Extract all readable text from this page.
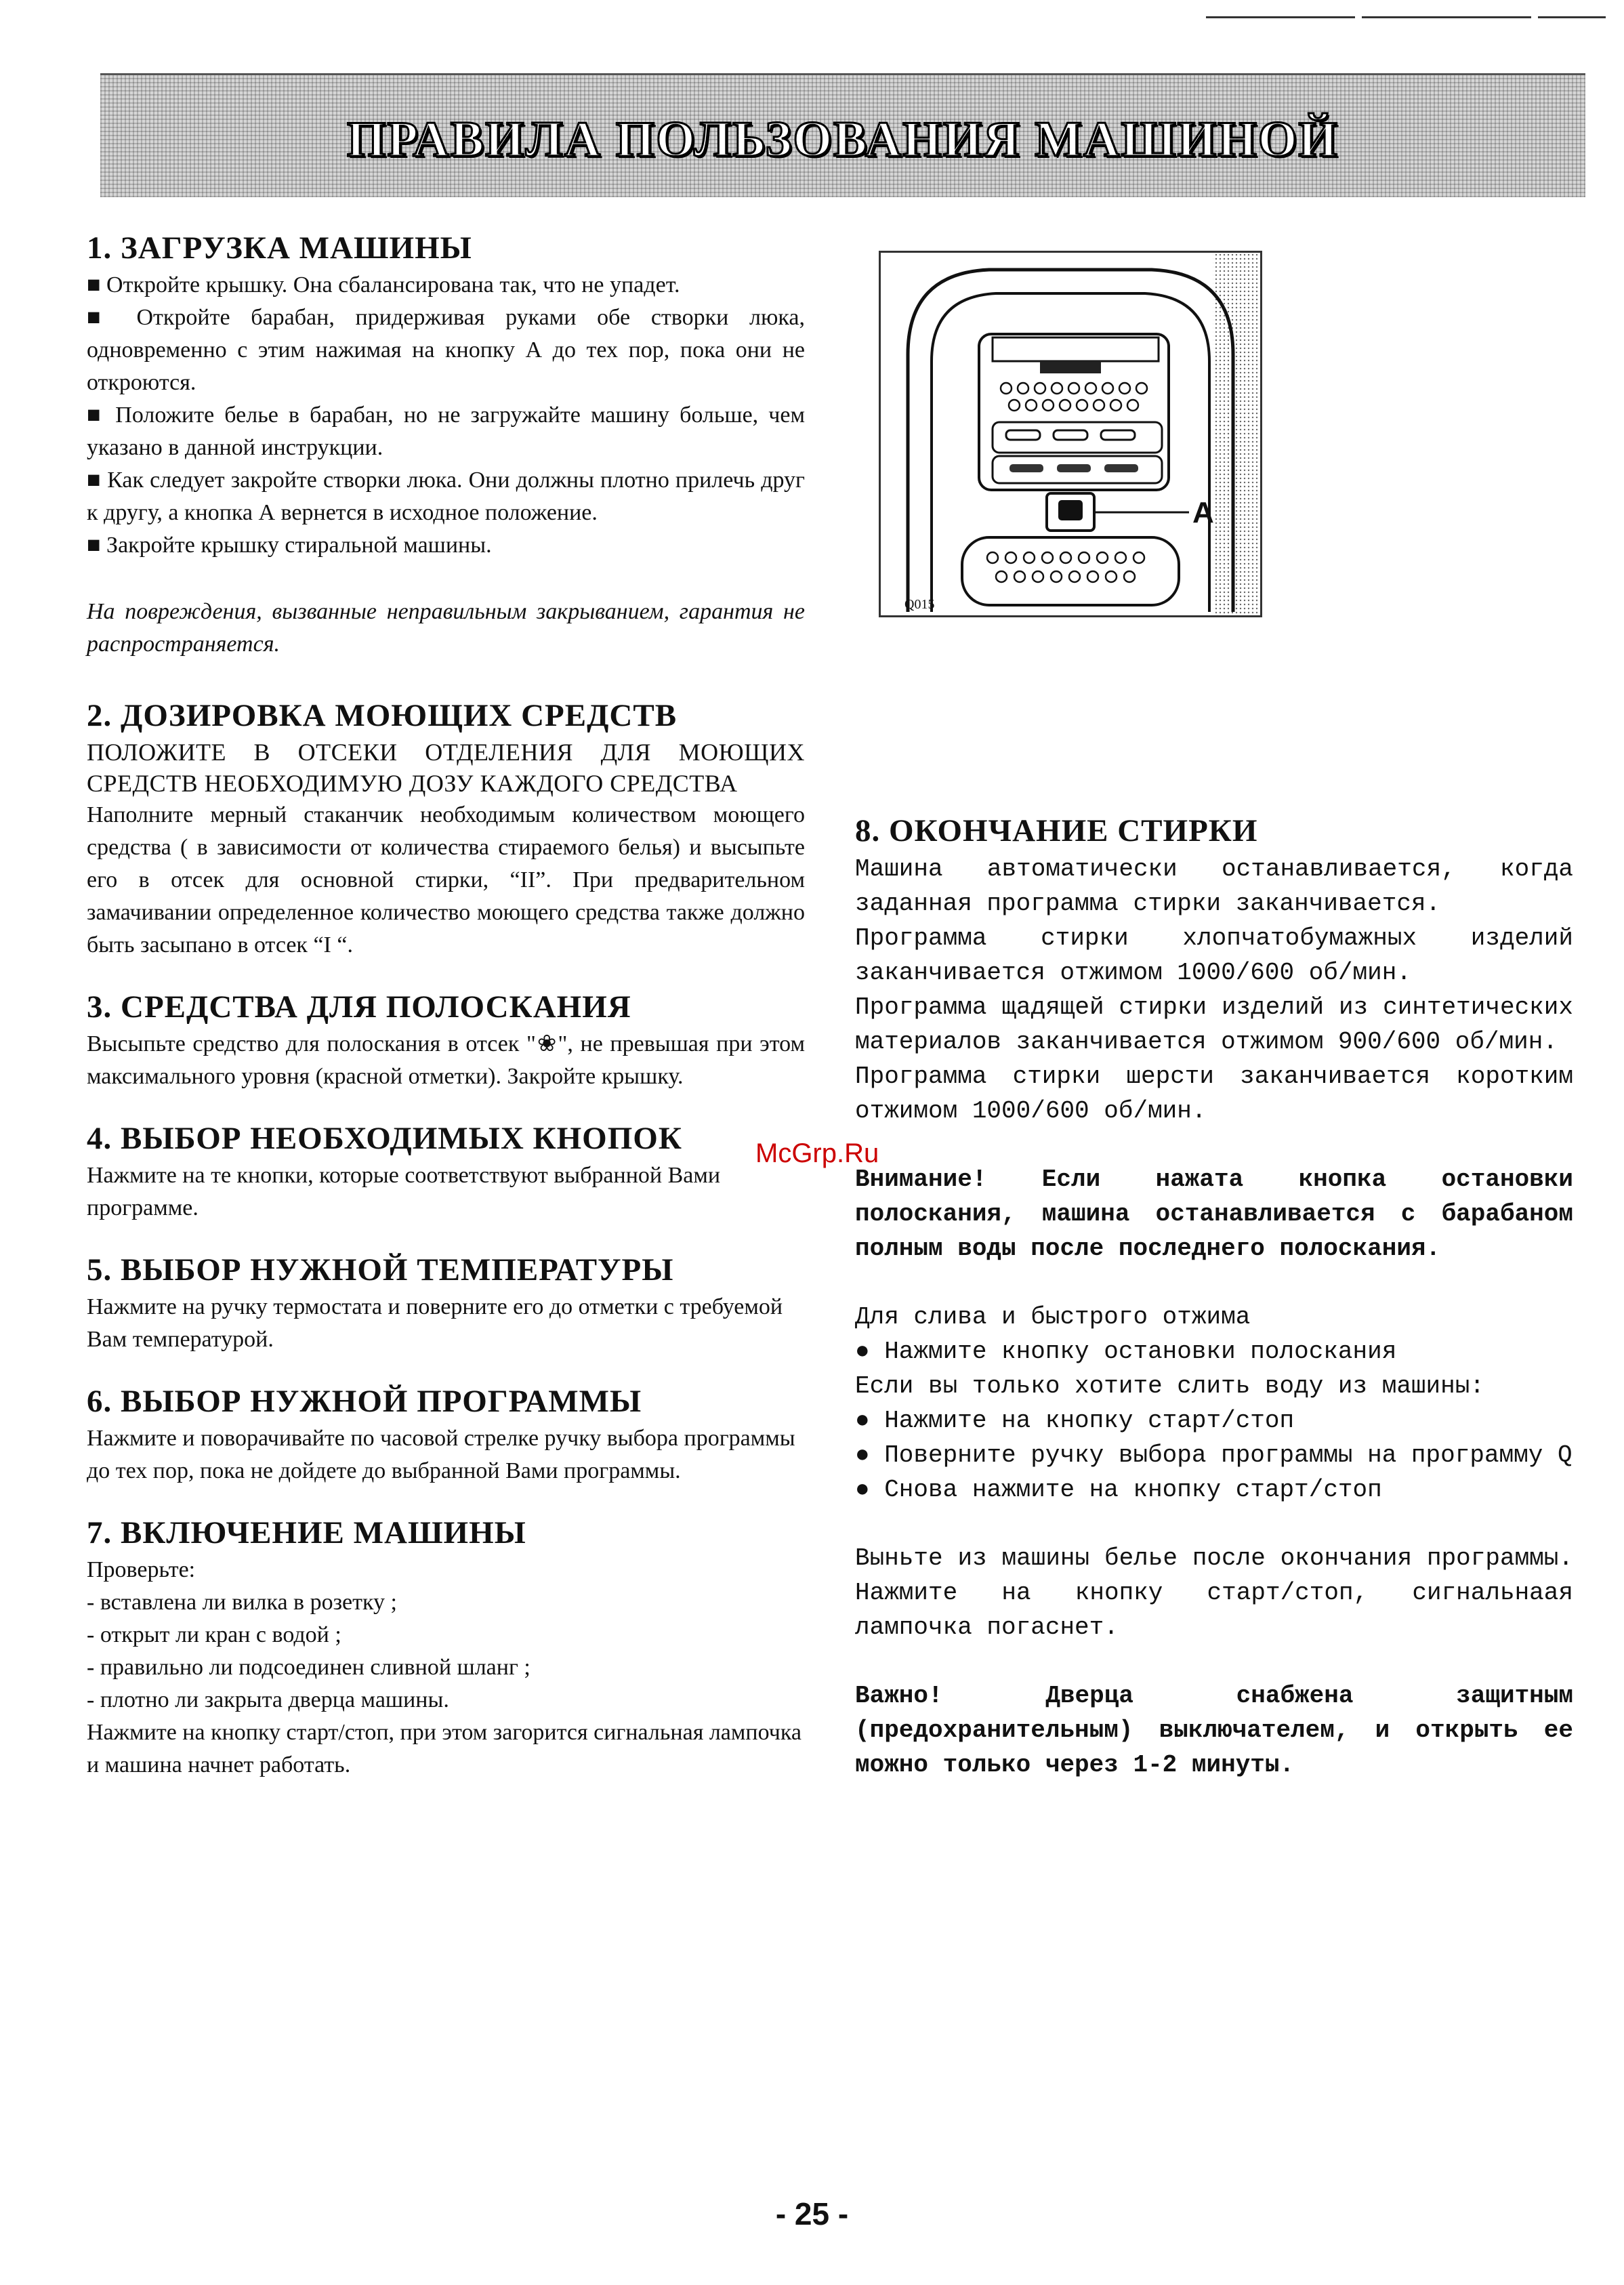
ПРАВИЛА ПОЛЬЗОВАНИЯ МАШИНОЙ
1. ЗАГРУЗКА МАШИНЫ
■ Откройте крышку. Она сбалансирована так, что не упадет.
■ Откройте барабан, придерживая руками обе створки люка, одновременно с этим нажимая на кнопку А до тех пор, пока они не откроются.
■ Положите белье в барабан, но не загружайте машину больше, чем указано в данной инструкции.
■ Как следует закройте створки люка. Они должны плотно прилечь друг к другу, а кнопка А вернется в исходное положение.
■ Закройте крышку стиральной машины.
На повреждения, вызванные неправильным закрыванием, гарантия не распространяется.
2. ДОЗИРОВКА МОЮЩИХ СРЕДСТВ
ПОЛОЖИТЕ В ОТСЕКИ ОТДЕЛЕНИЯ ДЛЯ МОЮЩИХ СРЕДСТВ НЕОБХОДИМУЮ ДОЗУ КАЖДОГО СРЕДСТВА
Наполните мерный стаканчик необходимым количеством моющего средства ( в зависимости от количества стираемого белья) и высыпьте его в отсек для основной стирки, “II”. При предварительном замачивании определенное количество моющего средства также должно быть засыпано в отсек “I “.
3. СРЕДСТВА ДЛЯ ПОЛОСКАНИЯ
Высыпьте средство для полоскания в отсек "❀", не превышая при этом максимального уровня (красной отметки). Закройте крышку.
4. ВЫБОР НЕОБХОДИМЫХ КНОПОК
Нажмите на те кнопки, которые соответствуют выбранной Вами программе.
5. ВЫБОР НУЖНОЙ ТЕМПЕРАТУРЫ
Нажмите на ручку термостата и поверните его до отметки с требуемой Вам температурой.
6. ВЫБОР НУЖНОЙ ПРОГРАММЫ
Нажмите и поворачивайте по часовой стрелке ручку выбора программы до тех пор, пока не дойдете до выбранной Вами программы.
7. ВКЛЮЧЕНИЕ МАШИНЫ
Проверьте:
- вставлена ли вилка в розетку ;
- открыт ли кран с водой ;
- правильно ли подсоединен сливной шланг ;
- плотно ли закрыта дверца машины.
Нажмите на кнопку старт/стоп, при этом загорится сигнальная лампочка и машина начнет работать.
A
Q015
8. ОКОНЧАНИЕ СТИРКИ
Машина автоматически останавливается, когда заданная программа стирки заканчивается.
Программа стирки хлопчатобумажных изделий заканчивается отжимом 1000/600 об/мин.
Программа щадящей стирки изделий из синтетических материалов заканчивается отжимом 900/600 об/мин.
Программа стирки шерсти заканчивается коротким отжимом 1000/600 об/мин.
Внимание! Если нажата кнопка остановки полоскания, машина останавливается с барабаном полным воды после последнего полоскания.
Для слива и быстрого отжима
● Нажмите кнопку остановки полоскания
Если вы только хотите слить воду из машины:
● Нажмите на кнопку старт/стоп
● Поверните ручку выбора программы на программу Q
● Снова нажмите на кнопку старт/стоп
Выньте из машины белье после окончания программы. Нажмите на кнопку старт/стоп, сигнальнаая лампочка погаснет.
Важно! Дверца снабжена защитным (предохранительным) выключателем, и открыть ее можно только через 1-2 минуты.
McGrp.Ru
- 25 -
